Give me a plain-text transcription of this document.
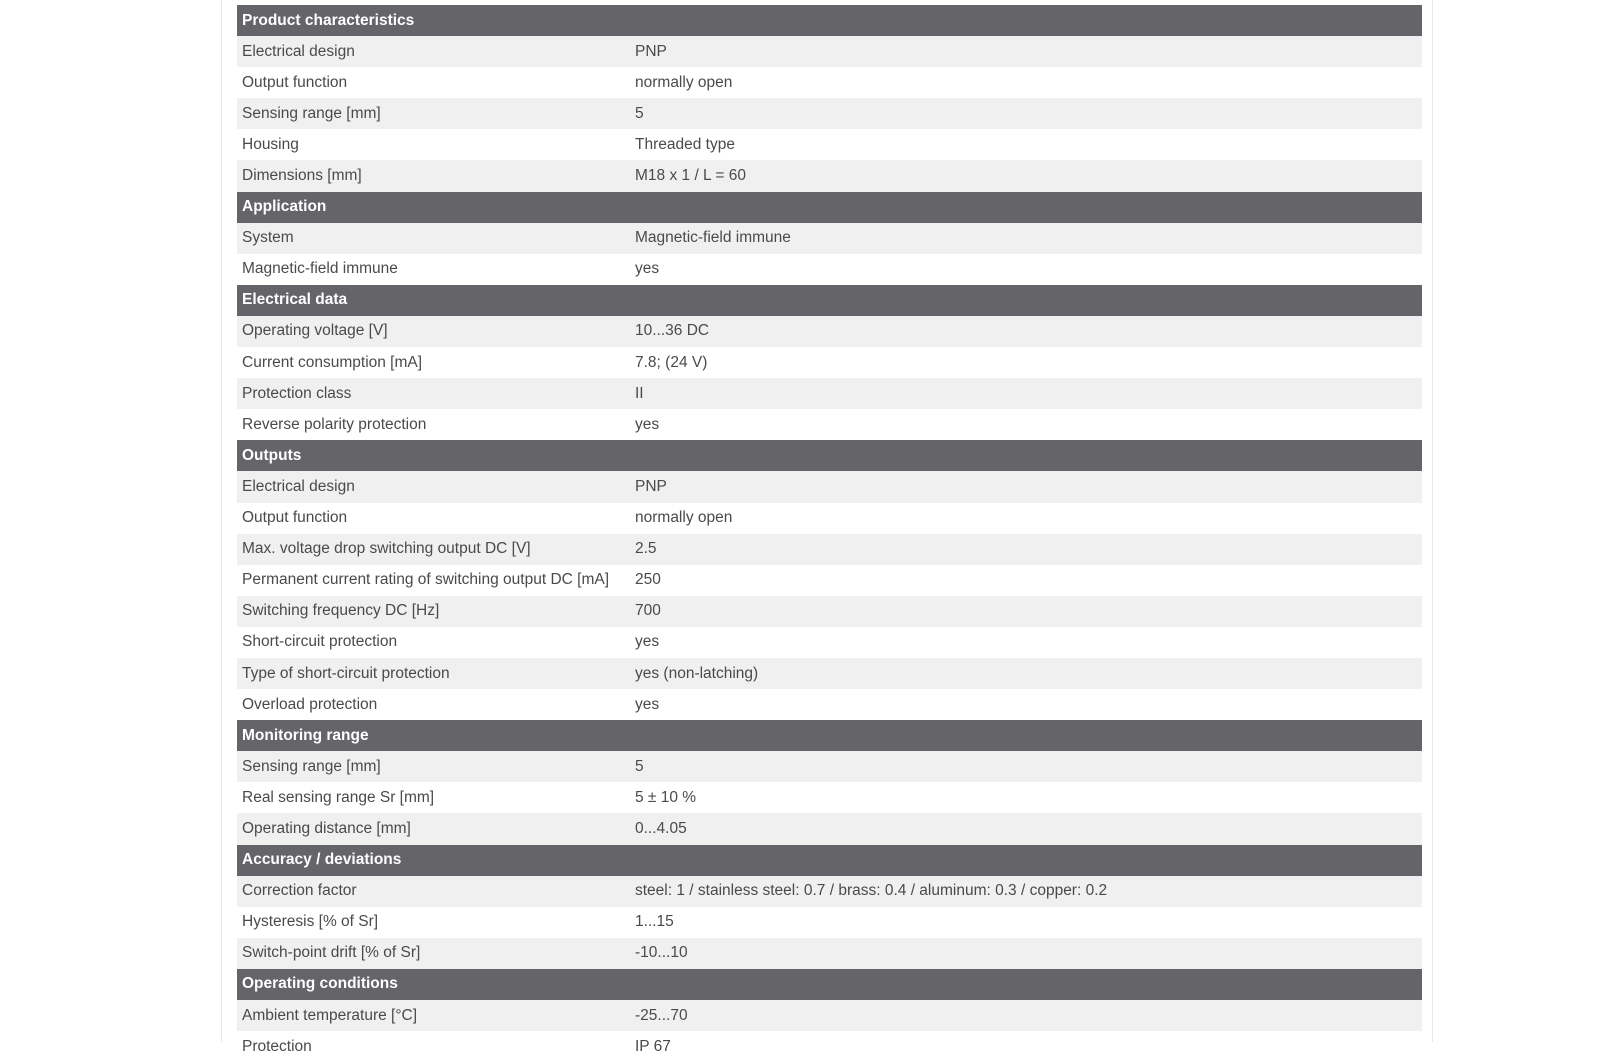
Product characteristics	
Electrical design	PNP
Output function	normally open
Sensing range [mm]	5
Housing	Threaded type
Dimensions [mm]	M18 x 1 / L = 60
Application	
System	Magnetic-field immune
Magnetic-field immune	yes
Electrical data	
Operating voltage [V]	10...36 DC
Current consumption [mA]	7.8; (24 V)
Protection class	II
Reverse polarity protection	yes
Outputs	
Electrical design	PNP
Output function	normally open
Max. voltage drop switching output DC [V]	2.5
Permanent current rating of switching output DC [mA]	250
Switching frequency DC [Hz]	700
Short-circuit protection	yes
Type of short-circuit protection	yes (non-latching)
Overload protection	yes
Monitoring range	
Sensing range [mm]	5
Real sensing range Sr [mm]	5 ± 10 %
Operating distance [mm]	0...4.05
Accuracy / deviations	
Correction factor	steel: 1 / stainless steel: 0.7 / brass: 0.4 / aluminum: 0.3 / copper: 0.2
Hysteresis [% of Sr]	1...15
Switch-point drift [% of Sr]	-10...10
Operating conditions	
Ambient temperature [°C]	-25...70
Protection	IP 67
